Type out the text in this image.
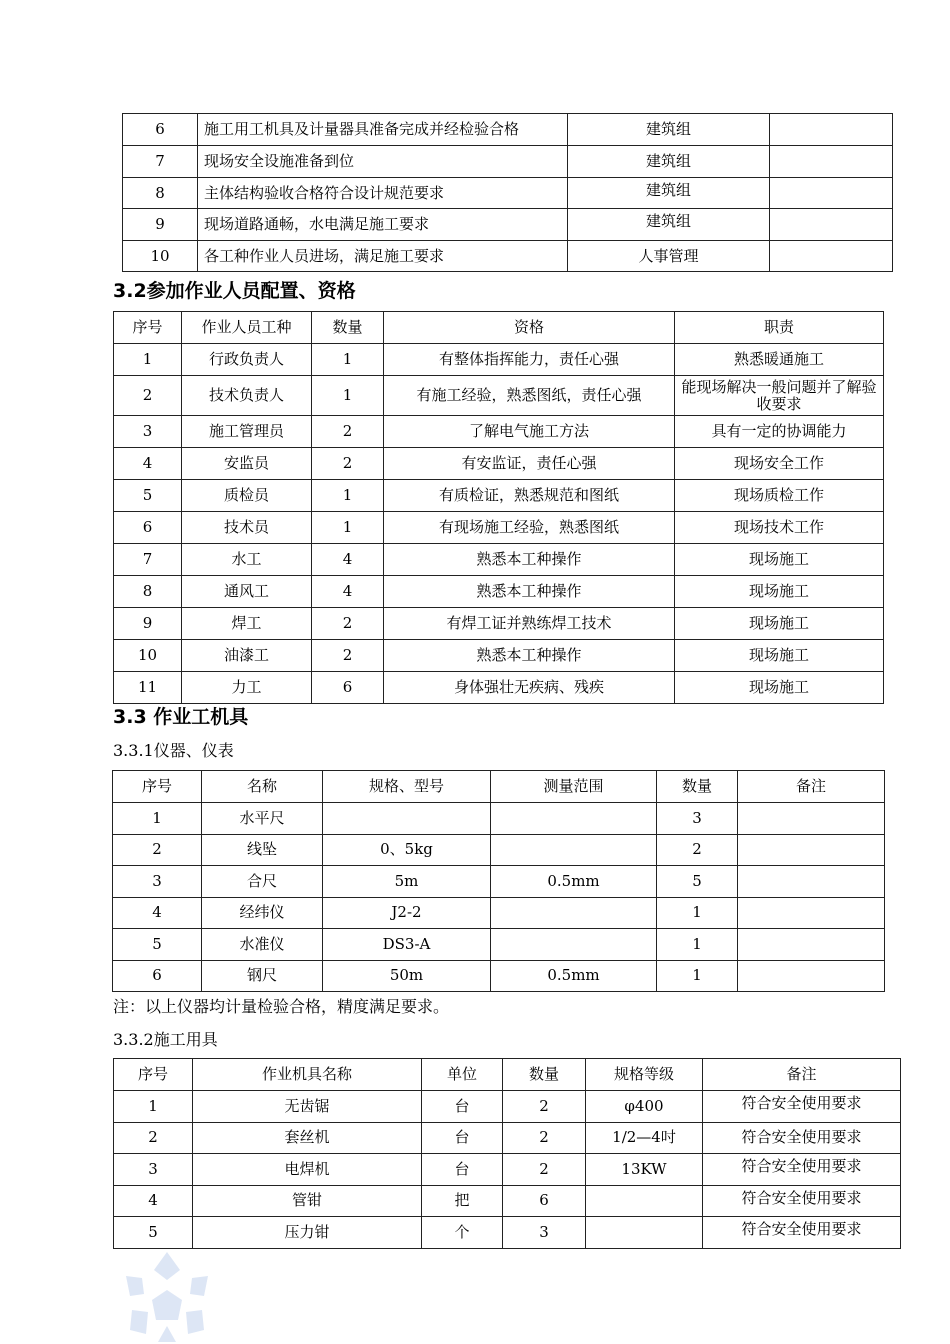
6	施工用工机具及计量器具准备完成并经检验合格	建筑组	
7	现场安全设施准备到位	建筑组	
8	主体结构验收合格符合设计规范要求	建筑组	
9	现场道路通畅，水电满足施工要求	建筑组	
10	各工种作业人员进场，满足施工要求	人事管理	
3.2参加作业人员配置、资格
序号	作业人员工种	数量	资格	职责
1	行政负责人	1	有整体指挥能力，责任心强	熟悉暖通施工
2	技术负责人	1	有施工经验，熟悉图纸，责任心强	能现场解决一般问题并了解验收要求
3	施工管理员	2	了解电气施工方法	具有一定的协调能力
4	安监员	2	有安监证，责任心强	现场安全工作
5	质检员	1	有质检证，熟悉规范和图纸	现场质检工作
6	技术员	1	有现场施工经验，熟悉图纸	现场技术工作
7	水工	4	熟悉本工种操作	现场施工
8	通风工	4	熟悉本工种操作	现场施工
9	焊工	2	有焊工证并熟练焊工技术	现场施工
10	油漆工	2	熟悉本工种操作	现场施工
11	力工	6	身体强壮无疾病、残疾	现场施工
3.3 作业工机具
3.3.1仪器、仪表
序号	名称	规格、型号	测量范围	数量	备注
1	水平尺			3	
2	线坠	0、5kg		2	
3	合尺	5m	0.5mm	5	
4	经纬仪	J2-2		1	
5	水准仪	DS3-A		1	
6	钢尺	50m	0.5mm	1	
注：以上仪器均计量检验合格，精度满足要求。
3.3.2施工用具
序号	作业机具名称	单位	数量	规格等级	备注
1	无齿锯	台	2	φ400	符合安全使用要求
2	套丝机	台	2	1/2—4吋	符合安全使用要求
3	电焊机	台	2	13KW	符合安全使用要求
4	管钳	把	6		符合安全使用要求
5	压力钳	个	3		符合安全使用要求
